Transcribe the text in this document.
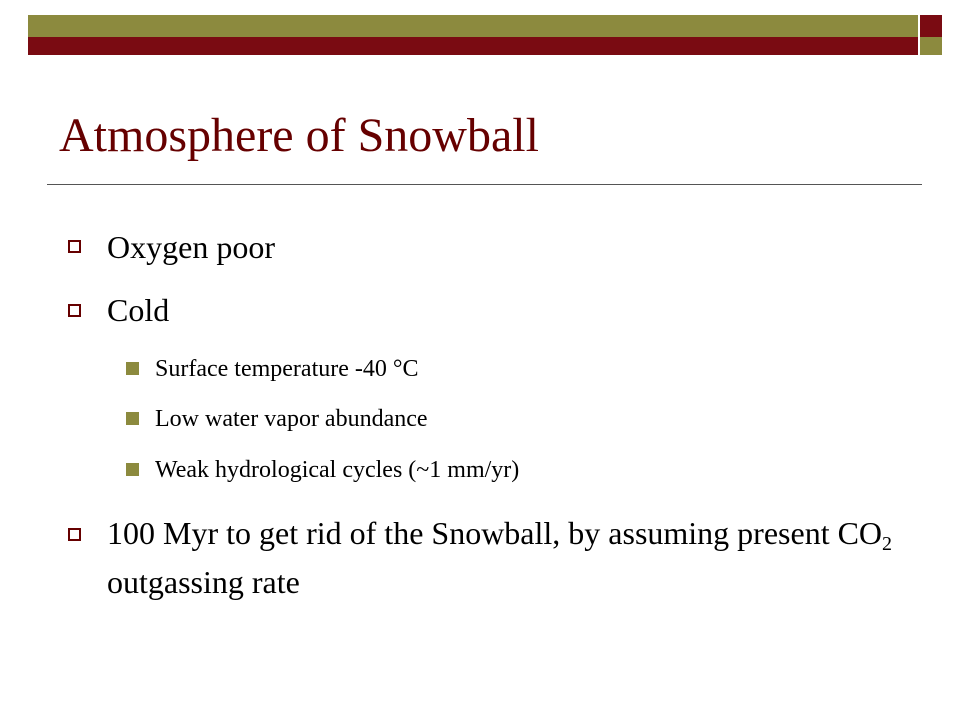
Atmosphere of Snowball
Oxygen poor
Cold
Surface temperature -40 °C
Low water vapor abundance
Weak hydrological cycles (~1 mm/yr)
100 Myr to get rid of the Snowball, by assuming present $CO_2$ outgassing rate
